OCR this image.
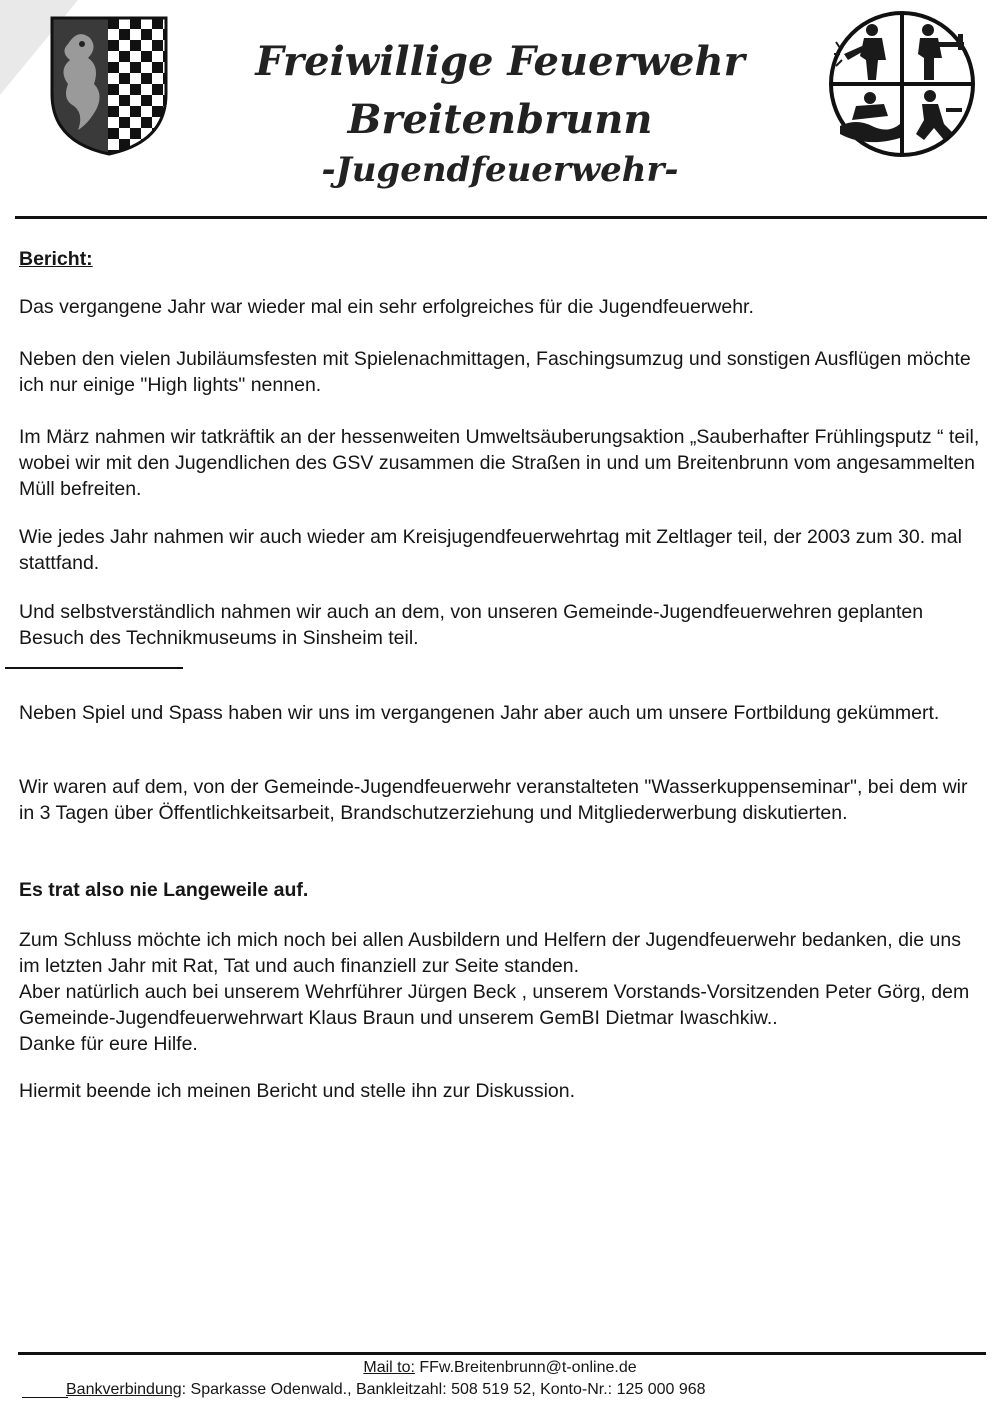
Freiwillige Feuerwehr
Breitenbrunn
-Jugendfeuerwehr-

Bericht:

Das vergangene Jahr war wieder mal ein sehr erfolgreiches für die Jugendfeuerwehr.

Neben den vielen Jubiläumsfesten mit Spielenachmittagen, Faschingsumzug und sonstigen Ausflügen möchte ich nur einige "High lights" nennen.

Im März nahmen wir tatkräftik an der hessenweiten Umweltsäuberungsaktion „Sauberhafter Frühlingsputz “ teil, wobei wir mit den Jugendlichen des GSV zusammen die Straßen in und um Breitenbrunn vom angesammelten Müll befreiten.

Wie jedes Jahr nahmen wir auch wieder am Kreisjugendfeuerwehrtag mit Zeltlager teil, der 2003 zum 30. mal stattfand.

Und selbstverständlich nahmen wir auch an dem, von unseren Gemeinde-Jugendfeuerwehren geplanten Besuch des Technikmuseums in Sinsheim teil.

Neben Spiel und Spass haben wir uns im vergangenen Jahr aber auch um unsere Fortbildung gekümmert.

Wir waren auf dem, von der Gemeinde-Jugendfeuerwehr veranstalteten "Wasserkuppenseminar", bei dem wir in 3 Tagen über Öffentlichkeitsarbeit, Brandschutzerziehung und Mitgliederwerbung diskutierten.

Es trat also nie Langeweile auf.

Zum Schluss möchte ich mich noch bei allen Ausbildern und Helfern der Jugendfeuerwehr bedanken, die uns im letzten Jahr mit Rat, Tat und auch finanziell zur Seite standen.
Aber natürlich auch bei unserem Wehrführer Jürgen Beck , unserem Vorstands-Vorsitzenden Peter Görg, dem Gemeinde-Jugendfeuerwehrwart Klaus Braun und unserem GemBI Dietmar Iwaschkiw..
Danke für eure Hilfe.

Hiermit beende ich meinen Bericht und stelle ihn zur Diskussion.

Mail to: FFw.Breitenbrunn@t-online.de

Bankverbindung: Sparkasse Odenwald., Bankleitzahl: 508 519 52, Konto-Nr.: 125 000 968
